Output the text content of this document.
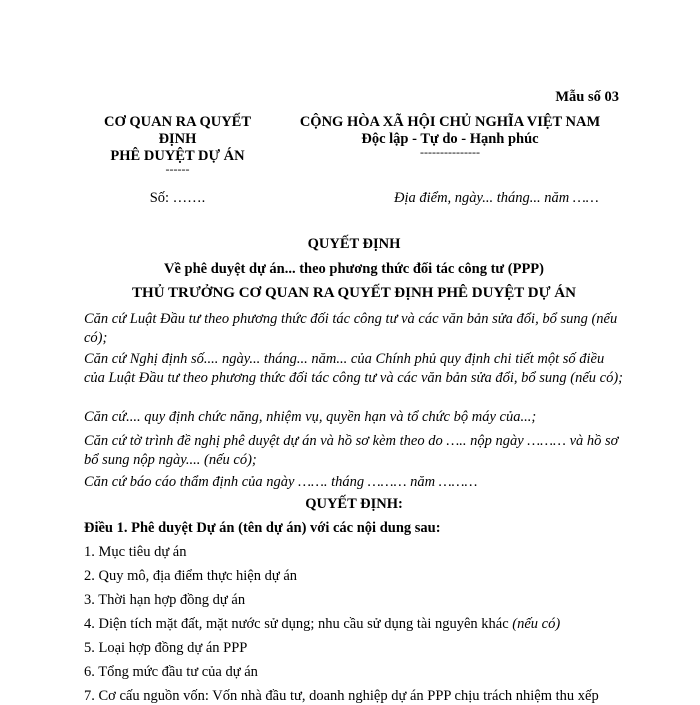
Mẫu số 03
CƠ QUAN RA QUYẾT
ĐỊNH
PHÊ DUYỆT DỰ ÁN
------
Số: …….
CỘNG HÒA XÃ HỘI CHỦ NGHĨA VIỆT NAM
Độc lập - Tự do - Hạnh phúc
---------------
Địa điểm, ngày... tháng... năm ……
QUYẾT ĐỊNH
Về phê duyệt dự án... theo phương thức đối tác công tư (PPP)
THỦ TRƯỞNG CƠ QUAN RA QUYẾT ĐỊNH PHÊ DUYỆT DỰ ÁN
Căn cứ Luật Đầu tư theo phương thức đối tác công tư và các văn bản sửa đổi, bổ sung (nếu có);
Căn cứ Nghị định số.... ngày... tháng... năm... của Chính phủ quy định chi tiết một số điều của Luật Đầu tư theo phương thức đối tác công tư và các văn bản sửa đổi, bổ sung (nếu có);
Căn cứ.... quy định chức năng, nhiệm vụ, quyền hạn và tổ chức bộ máy của...;
Căn cứ tờ trình đề nghị phê duyệt dự án và hồ sơ kèm theo do ….. nộp ngày ……… và hồ sơ bổ sung nộp ngày.... (nếu có);
Căn cứ báo cáo thẩm định của ngày ……. tháng ……… năm ………
QUYẾT ĐỊNH:
Điều 1. Phê duyệt Dự án (tên dự án) với các nội dung sau:
1. Mục tiêu dự án
2. Quy mô, địa điểm thực hiện dự án
3. Thời hạn hợp đồng dự án
4. Diện tích mặt đất, mặt nước sử dụng; nhu cầu sử dụng tài nguyên khác (nếu có)
5. Loại hợp đồng dự án PPP
6. Tổng mức đầu tư của dự án
7. Cơ cấu nguồn vốn: Vốn nhà đầu tư, doanh nghiệp dự án PPP chịu trách nhiệm thu xếp
